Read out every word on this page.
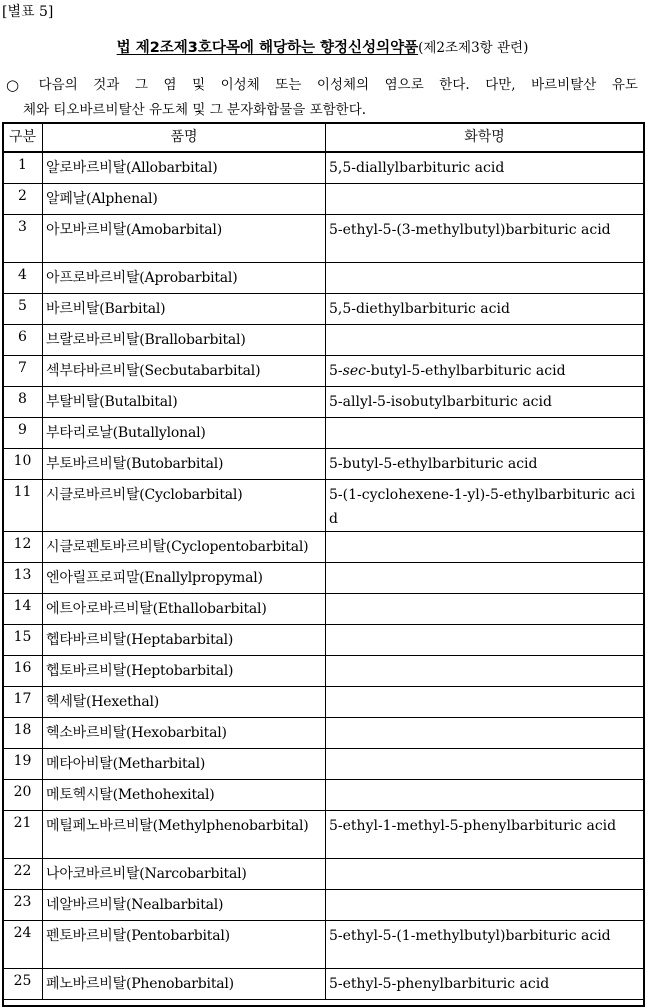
[별표 5]
법 제2조제3호다목에 해당하는 향정신성의약품(제2조제3항 관련)
○ 다음의 것과 그 염 및 이성체 또는 이성체의 염으로 한다. 다만, 바르비탈산 유도
체와 티오바르비탈산 유도체 및 그 분자화합물을 포함한다.
구분	품명	화학명
1	알로바르비탈(Allobarbital)	5,5-diallylbarbituric acid
2	알페날(Alphenal)	
3	아모바르비탈(Amobarbital)	5-ethyl-5-(3-methylbutyl)barbituric acid
4	아프로바르비탈(Aprobarbital)	
5	바르비탈(Barbital)	5,5-diethylbarbituric acid
6	브랄로바르비탈(Brallobarbital)	
7	섹부타바르비탈(Secbutabarbital)	5-sec-butyl-5-ethylbarbituric acid
8	부탈비탈(Butalbital)	5-allyl-5-isobutylbarbituric acid
9	부타리로날(Butallylonal)	
10	부토바르비탈(Butobarbital)	5-butyl-5-ethylbarbituric acid
11	시클로바르비탈(Cyclobarbital)	5-(1-cyclohexene-1-yl)-5-ethylbarbituric acid
12	시클로펜토바르비탈(Cyclopentobarbital)	
13	엔아릴프로피말(Enallylpropymal)	
14	에트아로바르비탈(Ethallobarbital)	
15	헵타바르비탈(Heptabarbital)	
16	헵토바르비탈(Heptobarbital)	
17	헥세탈(Hexethal)	
18	헥소바르비탈(Hexobarbital)	
19	메타아비탈(Metharbital)	
20	메토헥시탈(Methohexital)	
21	메틸페노바르비탈(Methylphenobarbital)	5-ethyl-1-methyl-5-phenylbarbituric acid
22	나아코바르비탈(Narcobarbital)	
23	네알바르비탈(Nealbarbital)	
24	펜토바르비탈(Pentobarbital)	5-ethyl-5-(1-methylbutyl)barbituric acid
25	페노바르비탈(Phenobarbital)	5-ethyl-5-phenylbarbituric acid
